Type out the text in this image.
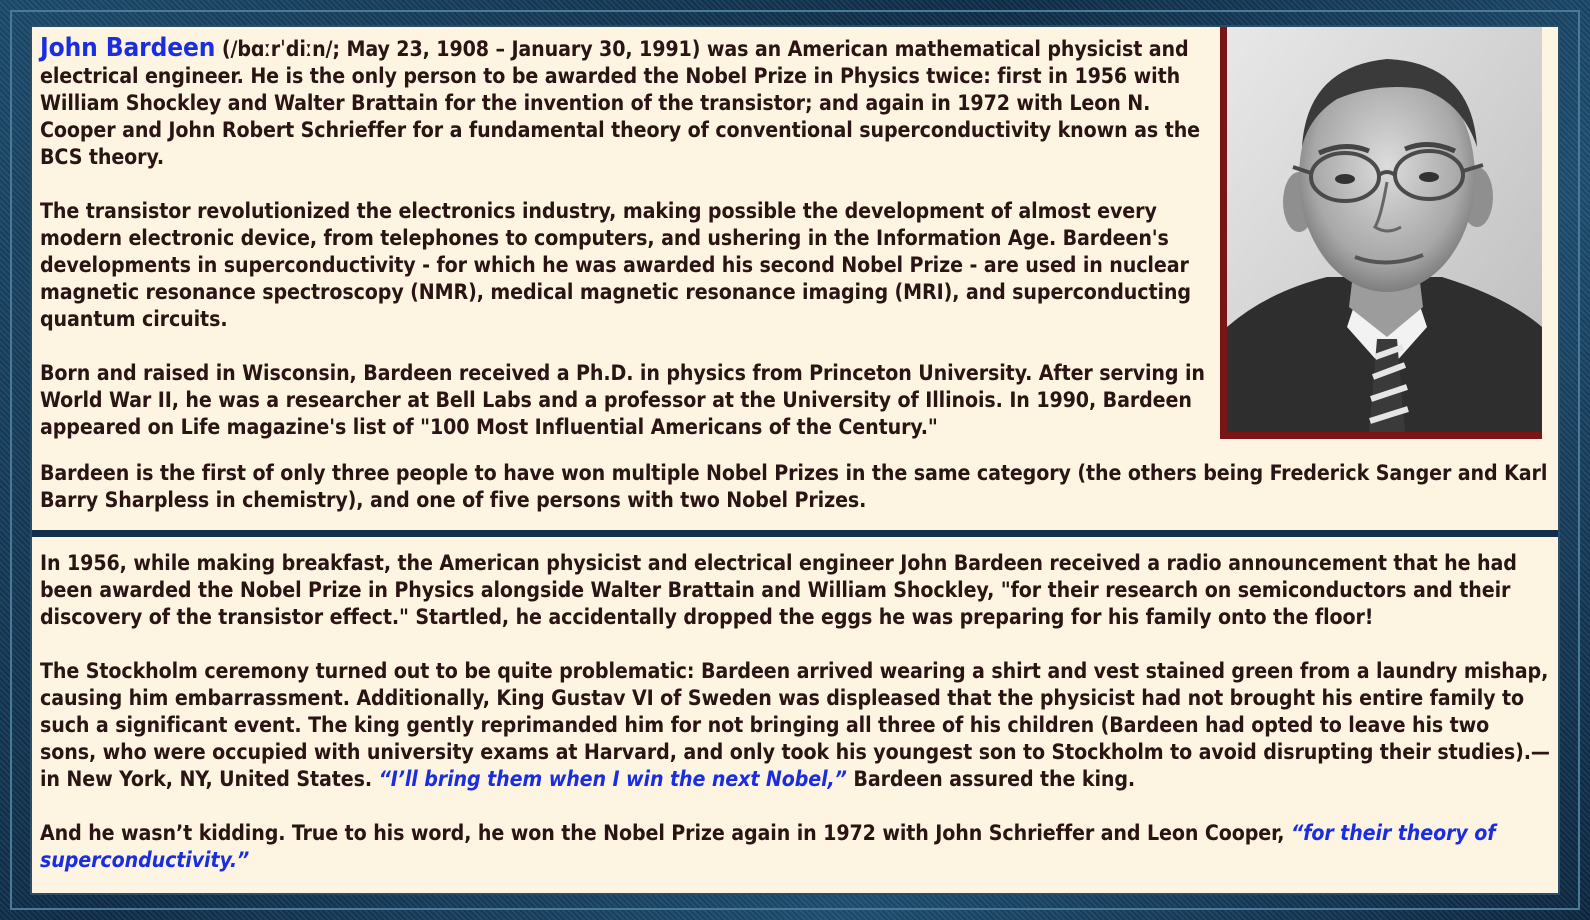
John Bardeen (/bɑːrˈdiːn/; May 23, 1908 – January 30, 1991) was an American mathematical physicist and electrical engineer. He is the only person to be awarded the Nobel Prize in Physics twice: first in 1956 with William Shockley and Walter Brattain for the invention of the transistor; and again in 1972 with Leon N. Cooper and John Robert Schrieffer for a fundamental theory of conventional superconductivity known as the BCS theory.

The transistor revolutionized the electronics industry, making possible the development of almost every modern electronic device, from telephones to computers, and ushering in the Information Age. Bardeen's developments in superconductivity - for which he was awarded his second Nobel Prize - are used in nuclear magnetic resonance spectroscopy (NMR), medical magnetic resonance imaging (MRI), and superconducting quantum circuits.

Born and raised in Wisconsin, Bardeen received a Ph.D. in physics from Princeton University. After serving in World War II, he was a researcher at Bell Labs and a professor at the University of Illinois. In 1990, Bardeen appeared on Life magazine's list of "100 Most Influential Americans of the Century."

Bardeen is the first of only three people to have won multiple Nobel Prizes in the same category (the others being Frederick Sanger and Karl Barry Sharpless in chemistry), and one of five persons with two Nobel Prizes.

In 1956, while making breakfast, the American physicist and electrical engineer John Bardeen received a radio announcement that he had been awarded the Nobel Prize in Physics alongside Walter Brattain and William Shockley, "for their research on semiconductors and their discovery of the transistor effect." Startled, he accidentally dropped the eggs he was preparing for his family onto the floor!

The Stockholm ceremony turned out to be quite problematic: Bardeen arrived wearing a shirt and vest stained green from a laundry mishap, causing him embarrassment. Additionally, King Gustav VI of Sweden was displeased that the physicist had not brought his entire family to such a significant event. The king gently reprimanded him for not bringing all three of his children (Bardeen had opted to leave his two sons, who were occupied with university exams at Harvard, and only took his youngest son to Stockholm to avoid disrupting their studies).— in New York, NY, United States. “I’ll bring them when I win the next Nobel,” Bardeen assured the king.

And he wasn’t kidding. True to his word, he won the Nobel Prize again in 1972 with John Schrieffer and Leon Cooper, “for their theory of superconductivity.”
